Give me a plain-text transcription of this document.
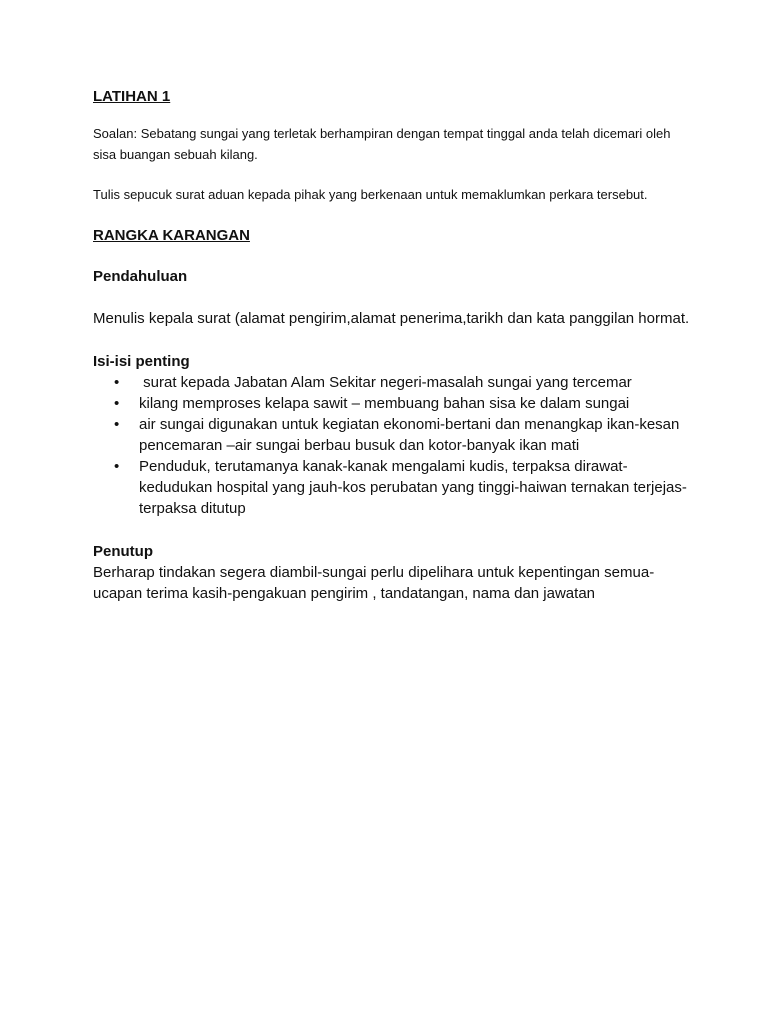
LATIHAN 1

Soalan: Sebatang sungai yang terletak berhampiran dengan tempat tinggal anda telah dicemari oleh sisa buangan sebuah kilang.

Tulis sepucuk surat aduan kepada pihak yang berkenaan untuk memaklumkan perkara tersebut.

RANGKA KARANGAN
Pendahuluan

Menulis kepala surat (alamat pengirim,alamat penerima,tarikh dan kata panggilan hormat.

Isi-isi penting
• surat kepada Jabatan Alam Sekitar negeri-masalah sungai yang tercemar
• kilang memproses kelapa sawit – membuang bahan sisa ke dalam sungai
• air sungai digunakan untuk kegiatan ekonomi-bertani dan menangkap ikan-kesan pencemaran –air sungai berbau busuk dan kotor-banyak ikan mati
• Penduduk, terutamanya kanak-kanak mengalami kudis, terpaksa dirawat-kedudukan hospital yang jauh-kos perubatan yang tinggi-haiwan ternakan terjejas-terpaksa ditutup
Penutup

Berharap tindakan segera diambil-sungai perlu dipelihara untuk kepentingan semua-ucapan terima kasih-pengakuan pengirim , tandatangan, nama dan jawatan
